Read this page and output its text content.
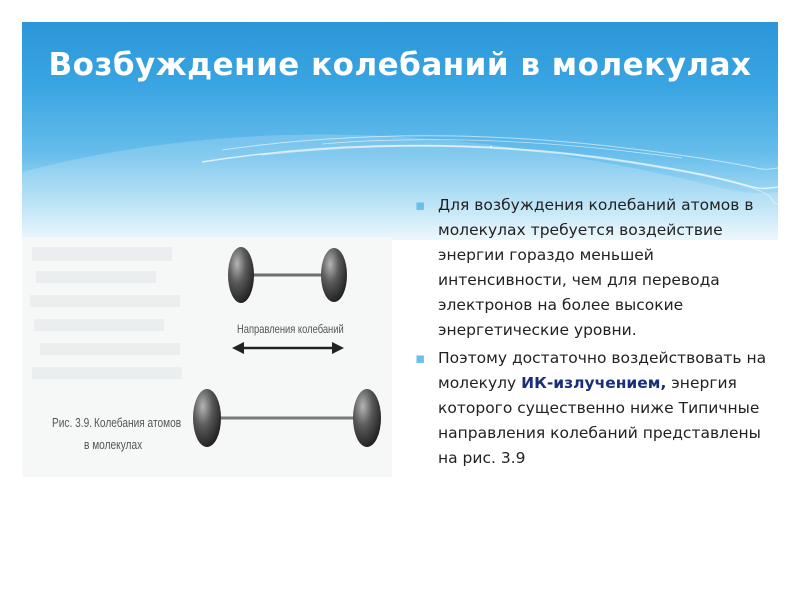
Возбуждение колебаний в молекулах
Направления колебаний
Рис. 3.9. Колебания атомов
в молекулах
▪ Для возбуждения колебаний атомов в молекулах требуется воздействие энергии гораздо меньшей интенсивности, чем для перевода электронов на более высокие энергетические уровни.
▪ Поэтому достаточно воздействовать на молекулу ИК-излучением, энергия которого существенно ниже Типичные направления колебаний представлены на рис. 3.9
